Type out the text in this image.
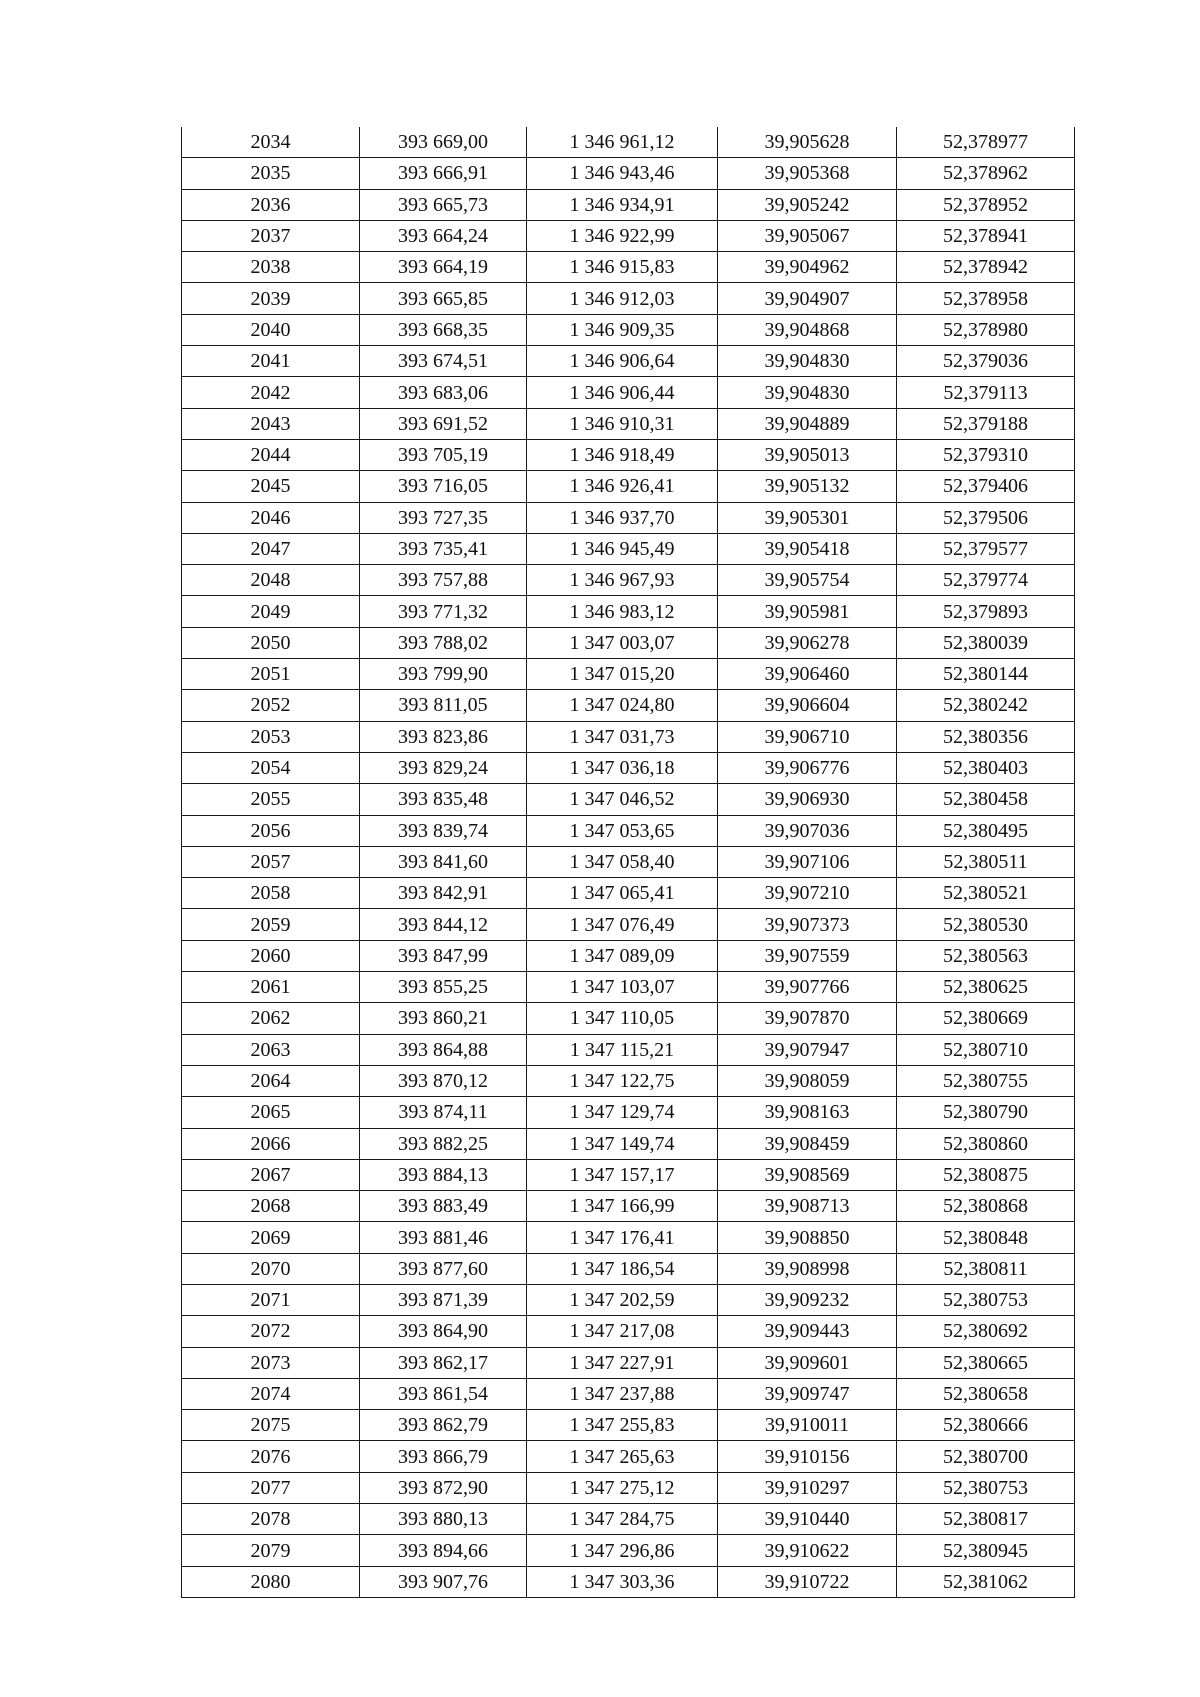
2034	393 669,00	1 346 961,12	39,905628	52,378977
2035	393 666,91	1 346 943,46	39,905368	52,378962
2036	393 665,73	1 346 934,91	39,905242	52,378952
2037	393 664,24	1 346 922,99	39,905067	52,378941
2038	393 664,19	1 346 915,83	39,904962	52,378942
2039	393 665,85	1 346 912,03	39,904907	52,378958
2040	393 668,35	1 346 909,35	39,904868	52,378980
2041	393 674,51	1 346 906,64	39,904830	52,379036
2042	393 683,06	1 346 906,44	39,904830	52,379113
2043	393 691,52	1 346 910,31	39,904889	52,379188
2044	393 705,19	1 346 918,49	39,905013	52,379310
2045	393 716,05	1 346 926,41	39,905132	52,379406
2046	393 727,35	1 346 937,70	39,905301	52,379506
2047	393 735,41	1 346 945,49	39,905418	52,379577
2048	393 757,88	1 346 967,93	39,905754	52,379774
2049	393 771,32	1 346 983,12	39,905981	52,379893
2050	393 788,02	1 347 003,07	39,906278	52,380039
2051	393 799,90	1 347 015,20	39,906460	52,380144
2052	393 811,05	1 347 024,80	39,906604	52,380242
2053	393 823,86	1 347 031,73	39,906710	52,380356
2054	393 829,24	1 347 036,18	39,906776	52,380403
2055	393 835,48	1 347 046,52	39,906930	52,380458
2056	393 839,74	1 347 053,65	39,907036	52,380495
2057	393 841,60	1 347 058,40	39,907106	52,380511
2058	393 842,91	1 347 065,41	39,907210	52,380521
2059	393 844,12	1 347 076,49	39,907373	52,380530
2060	393 847,99	1 347 089,09	39,907559	52,380563
2061	393 855,25	1 347 103,07	39,907766	52,380625
2062	393 860,21	1 347 110,05	39,907870	52,380669
2063	393 864,88	1 347 115,21	39,907947	52,380710
2064	393 870,12	1 347 122,75	39,908059	52,380755
2065	393 874,11	1 347 129,74	39,908163	52,380790
2066	393 882,25	1 347 149,74	39,908459	52,380860
2067	393 884,13	1 347 157,17	39,908569	52,380875
2068	393 883,49	1 347 166,99	39,908713	52,380868
2069	393 881,46	1 347 176,41	39,908850	52,380848
2070	393 877,60	1 347 186,54	39,908998	52,380811
2071	393 871,39	1 347 202,59	39,909232	52,380753
2072	393 864,90	1 347 217,08	39,909443	52,380692
2073	393 862,17	1 347 227,91	39,909601	52,380665
2074	393 861,54	1 347 237,88	39,909747	52,380658
2075	393 862,79	1 347 255,83	39,910011	52,380666
2076	393 866,79	1 347 265,63	39,910156	52,380700
2077	393 872,90	1 347 275,12	39,910297	52,380753
2078	393 880,13	1 347 284,75	39,910440	52,380817
2079	393 894,66	1 347 296,86	39,910622	52,380945
2080	393 907,76	1 347 303,36	39,910722	52,381062
